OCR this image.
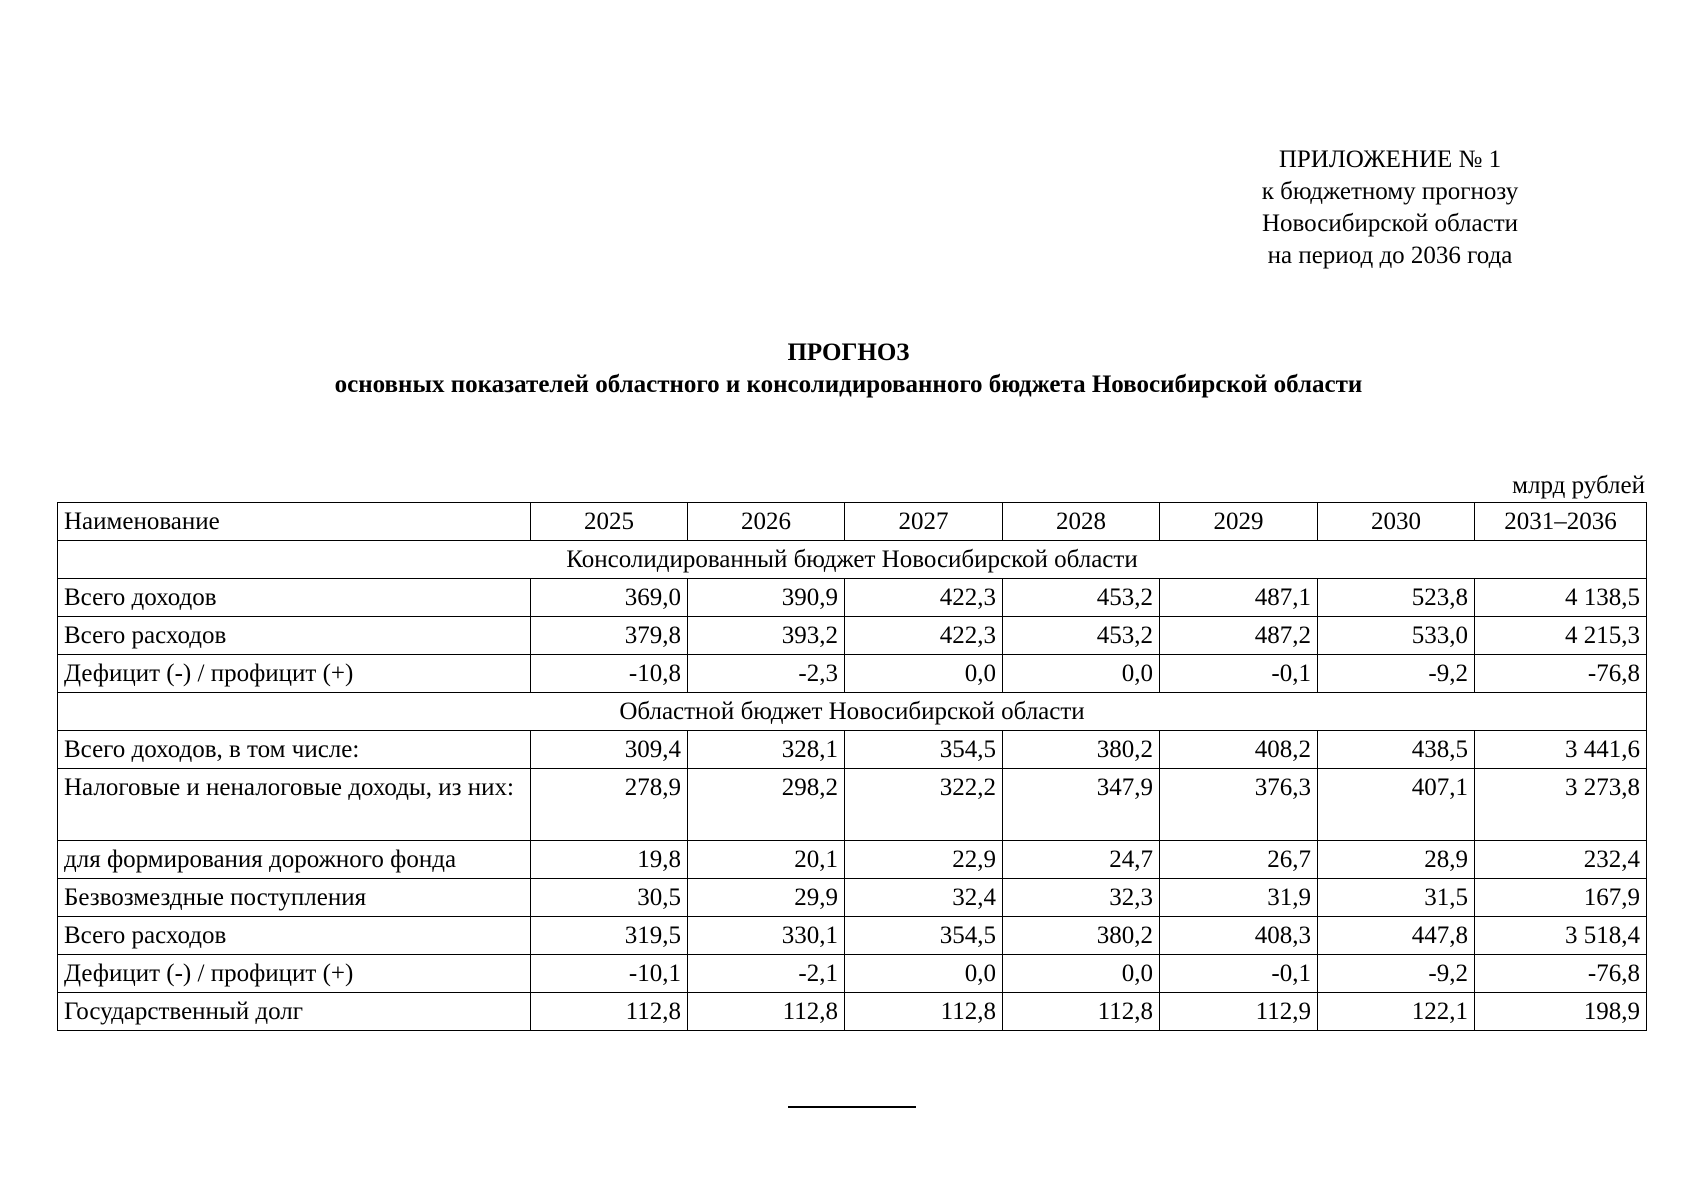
ПРИЛОЖЕНИЕ № 1
к бюджетному прогнозу
Новосибирской области
на период до 2036 года
ПРОГНОЗ
основных показателей областного и консолидированного бюджета Новосибирской области
млрд рублей
Наименование	2025	2026	2027	2028	2029	2030	2031–2036
Консолидированный бюджет Новосибирской области							
Всего доходов	369,0	390,9	422,3	453,2	487,1	523,8	4 138,5
Всего расходов	379,8	393,2	422,3	453,2	487,2	533,0	4 215,3
Дефицит (-) / профицит (+)	-10,8	-2,3	0,0	0,0	-0,1	-9,2	-76,8
Областной бюджет Новосибирской области							
Всего доходов, в том числе:	309,4	328,1	354,5	380,2	408,2	438,5	3 441,6
Налоговые и неналоговые доходы, из них:	278,9	298,2	322,2	347,9	376,3	407,1	3 273,8
для формирования дорожного фонда	19,8	20,1	22,9	24,7	26,7	28,9	232,4
Безвозмездные поступления	30,5	29,9	32,4	32,3	31,9	31,5	167,9
Всего расходов	319,5	330,1	354,5	380,2	408,3	447,8	3 518,4
Дефицит (-) / профицит (+)	-10,1	-2,1	0,0	0,0	-0,1	-9,2	-76,8
Государственный долг	112,8	112,8	112,8	112,8	112,9	122,1	198,9
